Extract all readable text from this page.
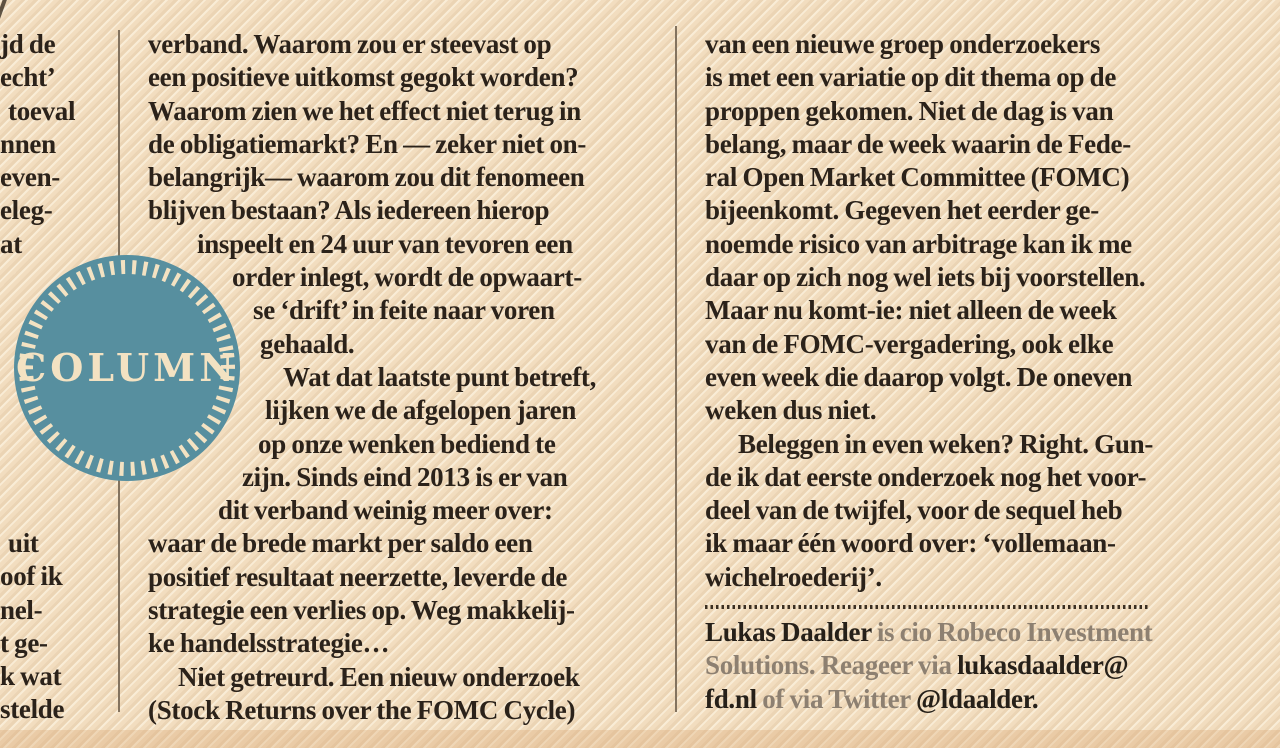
jd de
echt’
toeval
nnen
even-
eleg-
at
uit
oof ik
nel-
t ge-
k wat
stelde
COLUMN
verband. Waarom zou er steevast op
een positieve uitkomst gegokt worden?
Waarom zien we het effect niet terug in
de obligatiemarkt? En — zeker niet on-
belangrijk— waarom zou dit fenomeen
blijven bestaan? Als iedereen hierop
inspeelt en 24 uur van tevoren een
order inlegt, wordt de opwaart-
se ‘drift’ in feite naar voren
gehaald.
Wat dat laatste punt betreft,
lijken we de afgelopen jaren
op onze wenken bediend te
zijn. Sinds eind 2013 is er van
dit verband weinig meer over:
waar de brede markt per saldo een
positief resultaat neerzette, leverde de
strategie een verlies op. Weg makkelij-
ke handelsstrategie…
Niet getreurd. Een nieuw onderzoek
(Stock Returns over the FOMC Cycle)
van een nieuwe groep onderzoekers
is met een variatie op dit thema op de
proppen gekomen. Niet de dag is van
belang, maar de week waarin de Fede-
ral Open Market Committee (FOMC)
bijeenkomt. Gegeven het eerder ge-
noemde risico van arbitrage kan ik me
daar op zich nog wel iets bij voorstellen.
Maar nu komt-ie: niet alleen de week
van de FOMC-vergadering, ook elke
even week die daarop volgt. De oneven
weken dus niet.
Beleggen in even weken? Right. Gun-
de ik dat eerste onderzoek nog het voor-
deel van de twijfel, voor de sequel heb
ik maar één woord over: ‘vollemaan-
wichelroederij’.
Lukas Daalder is cio Robeco Investment
Solutions. Reageer via lukasdaalder@
fd.nl of via Twitter @ldaalder.
